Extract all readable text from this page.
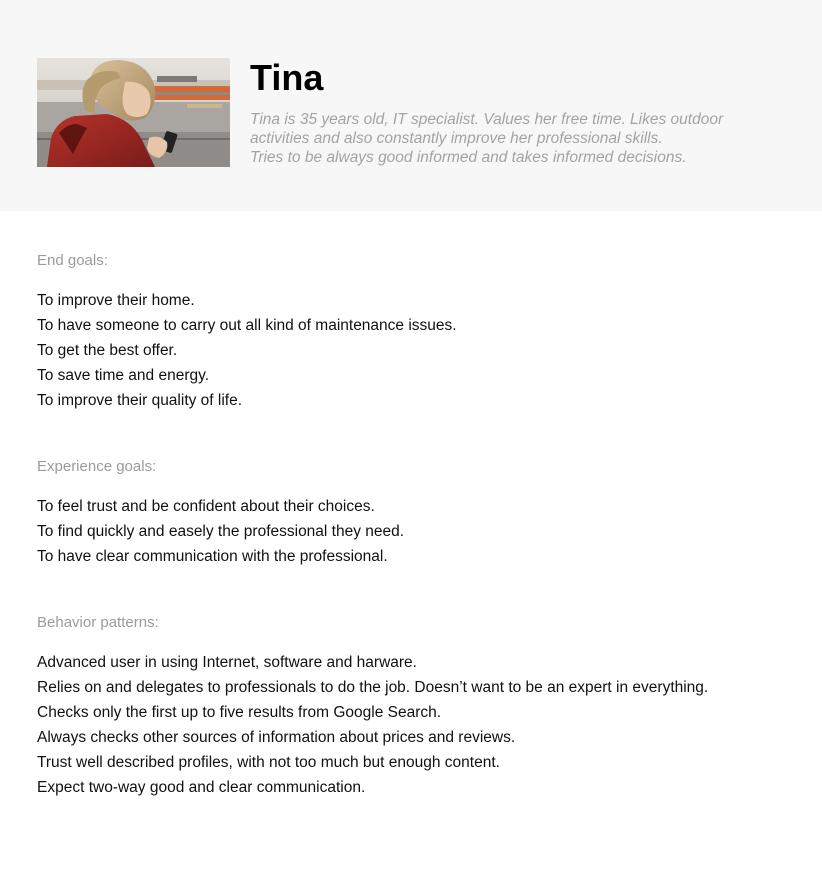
Tina
Tina is 35 years old, IT specialist. Values her free time. Likes outdoor
activities and also constantly improve her professional skills.
Tries to be always good informed and takes informed decisions.
End goals:
To improve their home.
To have someone to carry out all kind of maintenance issues.
To get the best offer.
To save time and energy.
To improve their quality of life.
Experience goals:
To feel trust and be confident about their choices.
To find quickly and easely the professional they need.
To have clear communication with the professional.
Behavior patterns:
Advanced user in using Internet, software and harware.
Relies on and delegates to professionals to do the job. Doesn’t want to be an expert in everything.
Checks only the first up to five results from Google Search.
Always checks other sources of information about prices and reviews.
Trust well described profiles, with not too much but enough content.
Expect two-way good and clear communication.
